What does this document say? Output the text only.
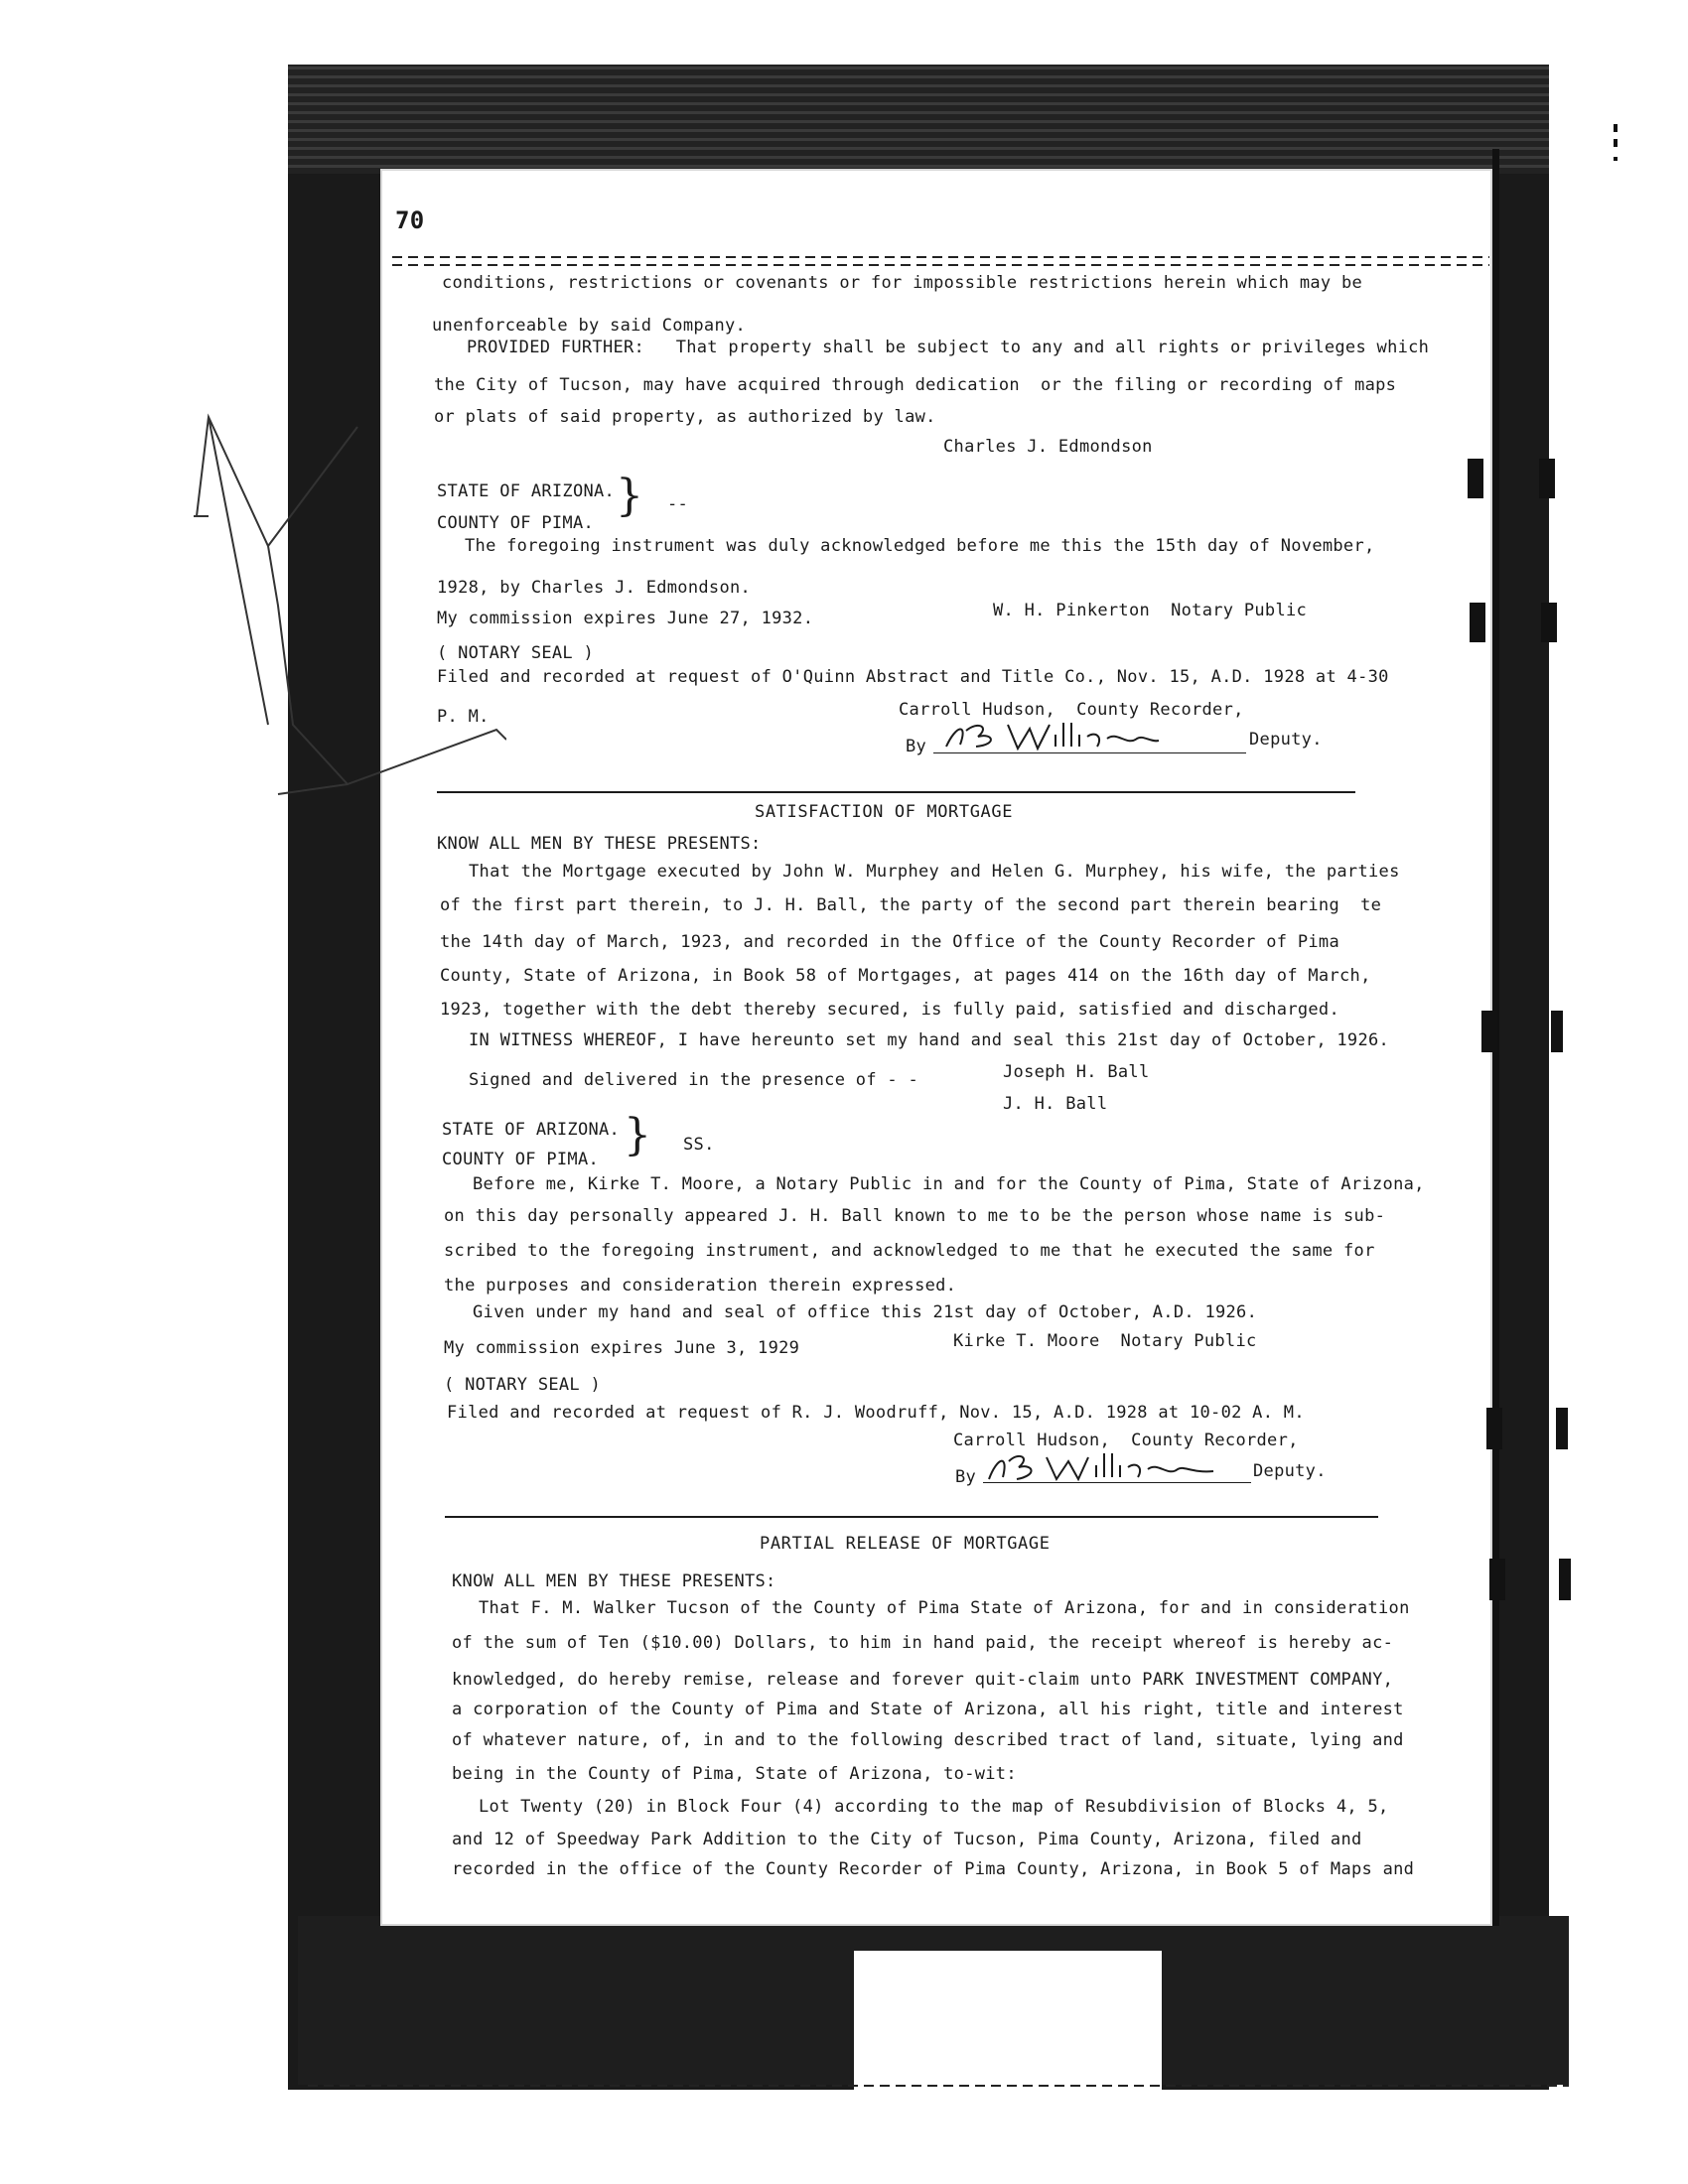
70
conditions, restrictions or covenants or for impossible restrictions herein which may be
unenforceable by said Company.
PROVIDED FURTHER:   That property shall be subject to any and all rights or privileges which
the City of Tucson, may have acquired through dedication  or the filing or recording of maps
or plats of said property, as authorized by law.
Charles J. Edmondson
STATE OF ARIZONA.
COUNTY OF PIMA.
} --
The foregoing instrument was duly acknowledged before me this the 15th day of November,
1928, by Charles J. Edmondson.
My commission expires June 27, 1932.	W. H. Pinkerton  Notary Public
( NOTARY SEAL )
Filed and recorded at request of O'Quinn Abstract and Title Co., Nov. 15, A.D. 1928 at 4-30
P. M.	Carroll Hudson,  County Recorder,
By	Deputy.
SATISFACTION OF MORTGAGE
KNOW ALL MEN BY THESE PRESENTS:
That the Mortgage executed by John W. Murphey and Helen G. Murphey, his wife, the parties
of the first part therein, to J. H. Ball, the party of the second part therein bearing  te
the 14th day of March, 1923, and recorded in the Office of the County Recorder of Pima
County, State of Arizona, in Book 58 of Mortgages, at pages 414 on the 16th day of March,
1923, together with the debt thereby secured, is fully paid, satisfied and discharged.
IN WITNESS WHEREOF, I have hereunto set my hand and seal this 21st day of October, 1926.
Signed and delivered in the presence of - -	Joseph H. Ball
J. H. Ball
STATE OF ARIZONA.
COUNTY OF PIMA. } SS.
Before me, Kirke T. Moore, a Notary Public in and for the County of Pima, State of Arizona,
on this day personally appeared J. H. Ball known to me to be the person whose name is sub-
scribed to the foregoing instrument, and acknowledged to me that he executed the same for
the purposes and consideration therein expressed.
Given under my hand and seal of office this 21st day of October, A.D. 1926.
My commission expires June 3, 1929	Kirke T. Moore  Notary Public
( NOTARY SEAL )
Filed and recorded at request of R. J. Woodruff, Nov. 15, A.D. 1928 at 10-02 A. M.
Carroll Hudson,  County Recorder,
By	Deputy.
PARTIAL RELEASE OF MORTGAGE
KNOW ALL MEN BY THESE PRESENTS:
That F. M. Walker Tucson of the County of Pima State of Arizona, for and in consideration
of the sum of Ten ($10.00) Dollars, to him in hand paid, the receipt whereof is hereby ac-
knowledged, do hereby remise, release and forever quit-claim unto PARK INVESTMENT COMPANY,
a corporation of the County of Pima and State of Arizona, all his right, title and interest
of whatever nature, of, in and to the following described tract of land, situate, lying and
being in the County of Pima, State of Arizona, to-wit:
Lot Twenty (20) in Block Four (4) according to the map of Resubdivision of Blocks 4, 5,
and 12 of Speedway Park Addition to the City of Tucson, Pima County, Arizona, filed and
recorded in the office of the County Recorder of Pima County, Arizona, in Book 5 of Maps and
